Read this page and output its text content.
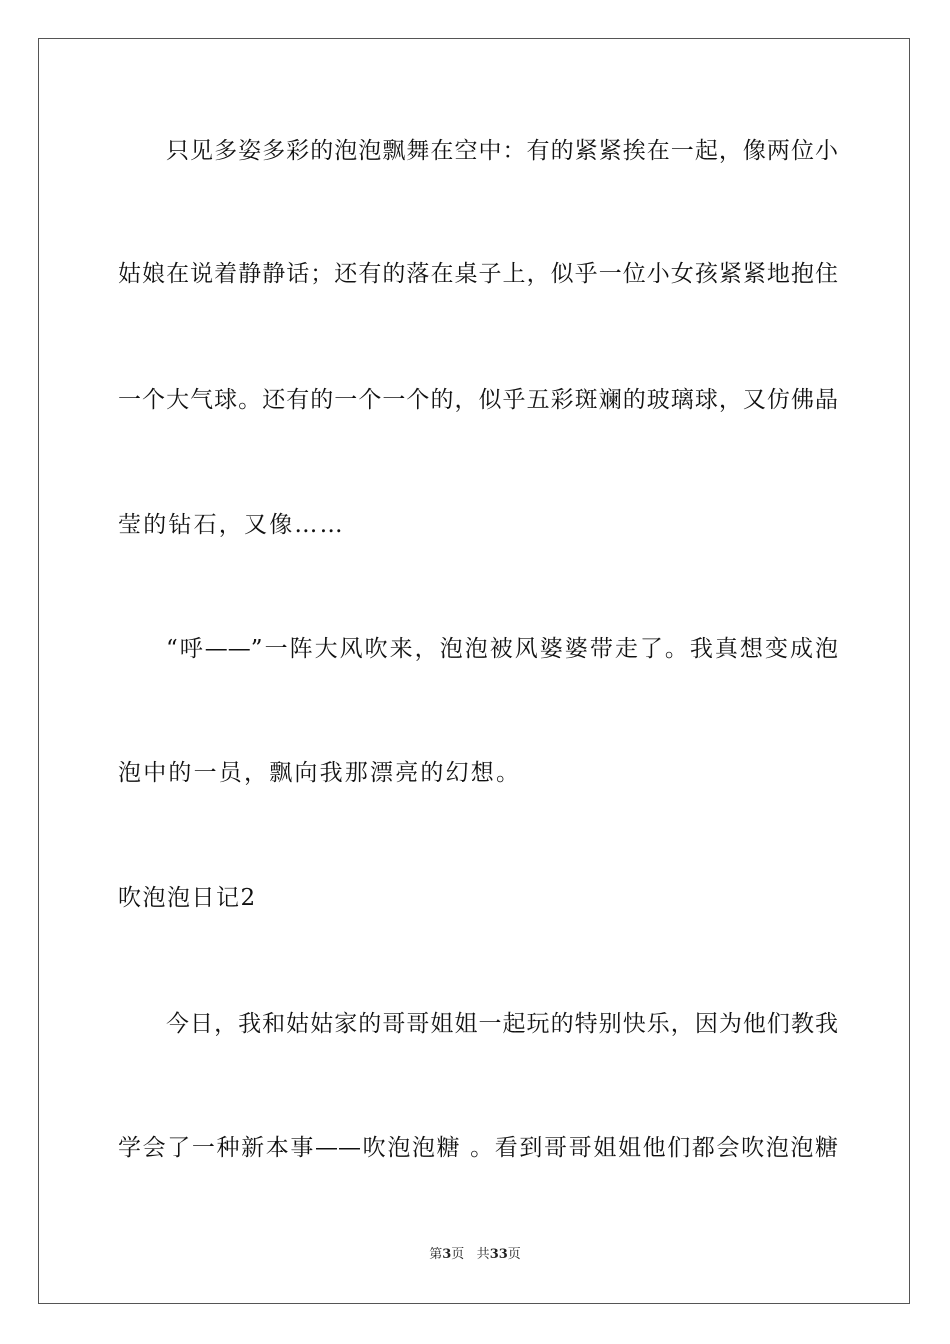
只见多姿多彩的泡泡飘舞在空中：有的紧紧挨在一起，像两位小
姑娘在说着静静话；还有的落在桌子上，似乎一位小女孩紧紧地抱住
一个大气球。还有的一个一个的，似乎五彩斑斓的玻璃球，又仿佛晶
莹的钻石，又像……
“呼——”一阵大风吹来，泡泡被风婆婆带走了。我真想变成泡
泡中的一员，飘向我那漂亮的幻想。
吹泡泡日记2
今日，我和姑姑家的哥哥姐姐一起玩的特别快乐，因为他们教我
学会了一种新本事——吹泡泡糖 。看到哥哥姐姐他们都会吹泡泡糖
第3页 共33页
